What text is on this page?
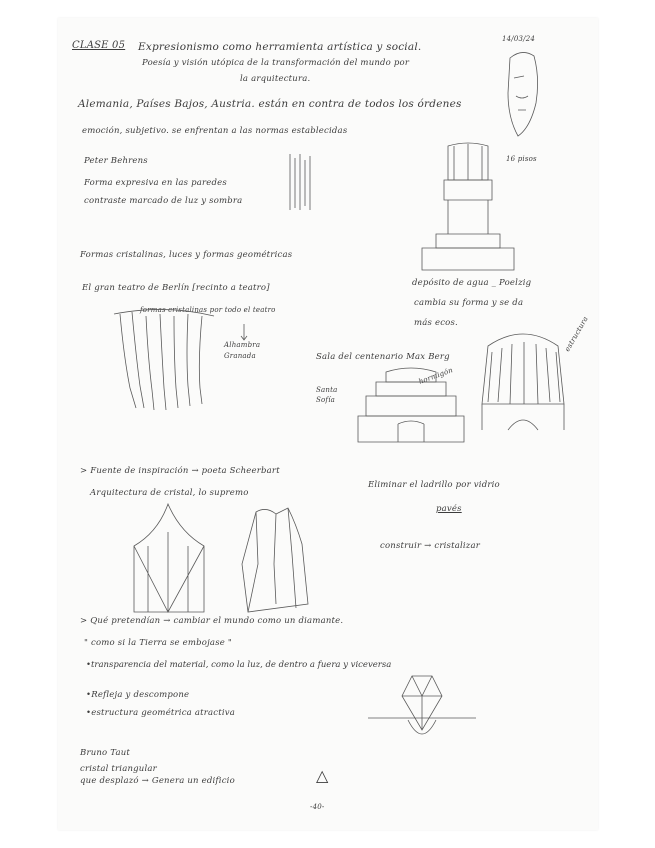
CLASE 05 Expresionismo como herramienta artística y social.
14/03/24
Poesía y visión utópica de la transformación del mundo por
la arquitectura.
Alemania, Países Bajos, Austria. están en contra de todos los órdenes
emoción, subjetivo. se enfrentan a las normas establecidas
Peter Behrens
Forma expresiva en las paredes
contraste marcado de luz y sombra
16 pisos
Formas cristalinas, luces y formas geométricas
El gran teatro de Berlín [recinto a teatro]
formas cristalinas por todo el teatro
Alhambra
Granada
depósito de agua _ Poelzig
cambia su forma y se da
más ecos.
Sala del centenario Max Berg
Santa
Sofía
hormigón
estructura
> Fuente de inspiración → poeta Scheerbart
Arquitectura de cristal, lo supremo
Eliminar el ladrillo por vidrio
pavés
construir → cristalizar
> Qué pretendían → cambiar el mundo como un diamante.
" como si la Tierra se embojase "
•transparencia del material, como la luz, de dentro a fuera y viceversa
•Refleja y descompone
•estructura geométrica atractiva
Bruno Taut
cristal triangular
que desplazó → Genera un edificio	△
-40-
